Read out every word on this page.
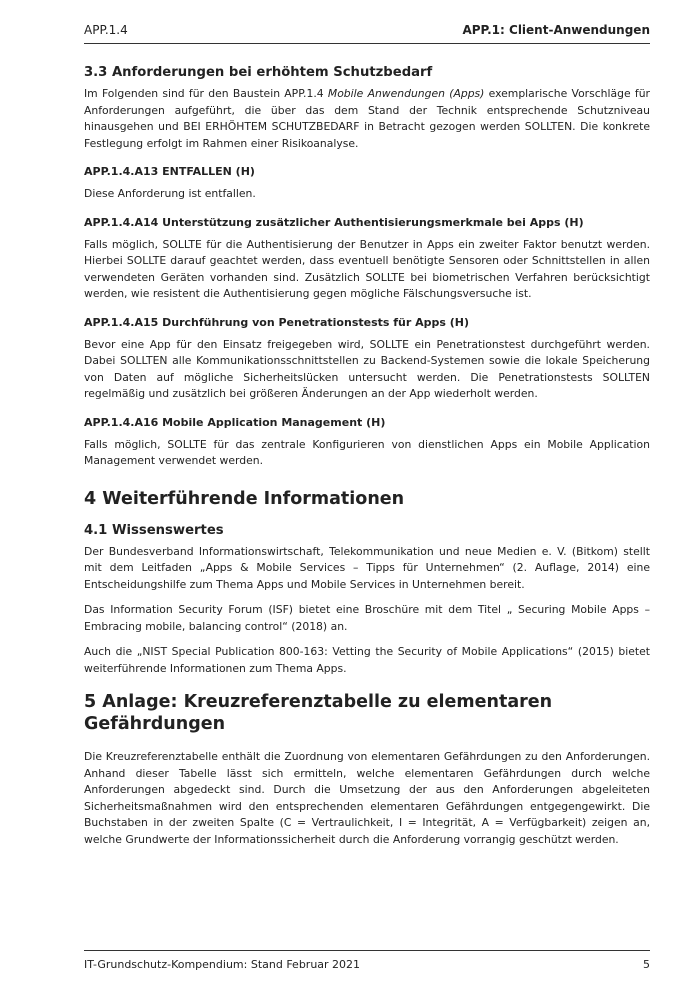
APP.1.4	APP.1: Client-Anwendungen
3.3 Anforderungen bei erhöhtem Schutzbedarf

Im Folgenden sind für den Baustein APP.1.4 Mobile Anwendungen (Apps) exemplarische Vorschläge für Anforderungen aufgeführt, die über das dem Stand der Technik entsprechende Schutzniveau hinausgehen und BEI ERHÖHTEM SCHUTZBEDARF in Betracht gezogen werden SOLLTEN. Die konkrete Festlegung erfolgt im Rahmen einer Risikoanalyse.

APP.1.4.A13 ENTFALLEN (H)

Diese Anforderung ist entfallen.

APP.1.4.A14 Unterstützung zusätzlicher Authentisierungsmerkmale bei Apps (H)

Falls möglich, SOLLTE für die Authentisierung der Benutzer in Apps ein zweiter Faktor benutzt werden. Hierbei SOLLTE darauf geachtet werden, dass eventuell benötigte Sensoren oder Schnittstellen in allen verwendeten Geräten vorhanden sind. Zusätzlich SOLLTE bei biometrischen Verfahren berücksichtigt werden, wie resistent die Authentisierung gegen mögliche Fälschungsversuche ist.

APP.1.4.A15 Durchführung von Penetrationstests für Apps (H)

Bevor eine App für den Einsatz freigegeben wird, SOLLTE ein Penetrationstest durchgeführt werden. Dabei SOLLTEN alle Kommunikationsschnittstellen zu Backend-Systemen sowie die lokale Speicherung von Daten auf mögliche Sicherheitslücken untersucht werden. Die Penetrationstests SOLLTEN regelmäßig und zusätzlich bei größeren Änderungen an der App wiederholt werden.

APP.1.4.A16 Mobile Application Management (H)

Falls möglich, SOLLTE für das zentrale Konfigurieren von dienstlichen Apps ein Mobile Application Management verwendet werden.

4 Weiterführende Informationen
4.1 Wissenswertes

Der Bundesverband Informationswirtschaft, Telekommunikation und neue Medien e. V. (Bitkom) stellt mit dem Leitfaden „Apps & Mobile Services – Tipps für Unternehmen“ (2. Auflage, 2014) eine Entscheidungshilfe zum Thema Apps und Mobile Services in Unternehmen bereit.

Das Information Security Forum (ISF) bietet eine Broschüre mit dem Titel „ Securing Mobile Apps – Embracing mobile, balancing control“ (2018) an.

Auch die „NIST Special Publication 800-163: Vetting the Security of Mobile Applications“ (2015) bietet weiterführende Informationen zum Thema Apps.

5 Anlage: Kreuzreferenztabelle zu elementaren Gefährdungen

Die Kreuzreferenztabelle enthält die Zuordnung von elementaren Gefährdungen zu den Anforderungen. Anhand dieser Tabelle lässt sich ermitteln, welche elementaren Gefährdungen durch welche Anforderungen abgedeckt sind. Durch die Umsetzung der aus den Anforderungen abgeleiteten Sicherheitsmaßnahmen wird den entsprechenden elementaren Gefährdungen entgegengewirkt. Die Buchstaben in der zweiten Spalte (C = Vertraulichkeit, I = Integrität, A = Verfügbarkeit) zeigen an, welche Grundwerte der Informationssicherheit durch die Anforderung vorrangig geschützt werden.

IT-Grundschutz-Kompendium: Stand Februar 2021	5
